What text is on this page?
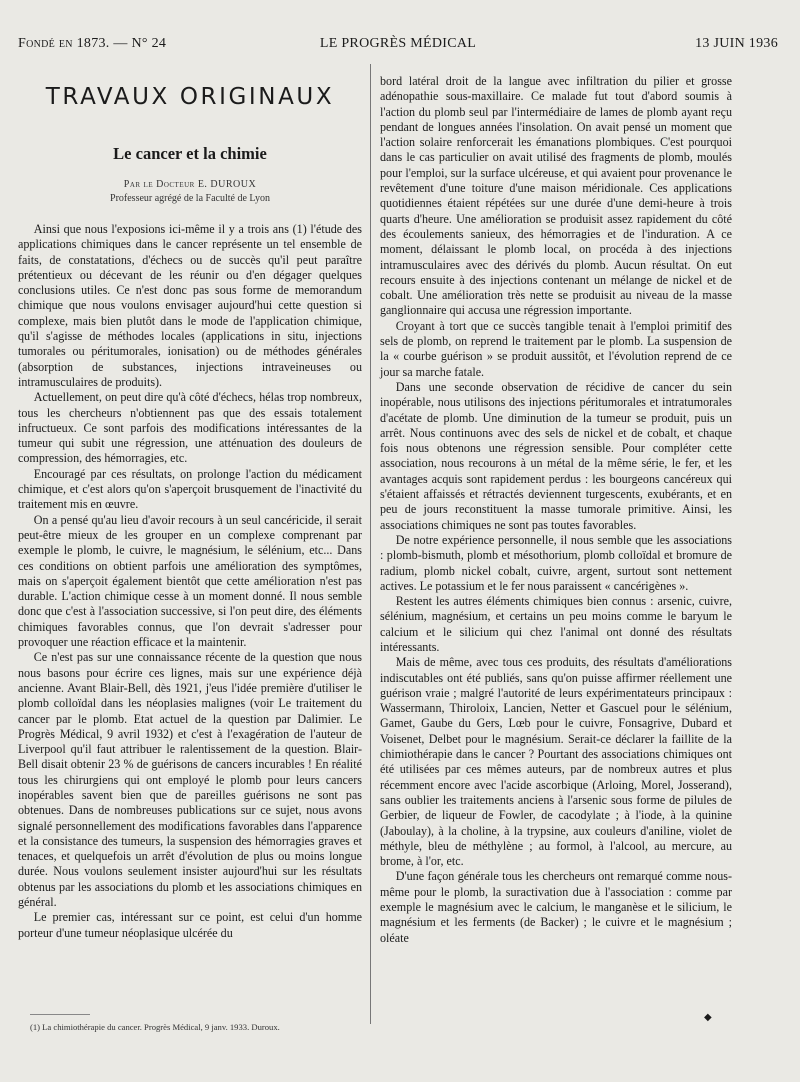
Fondé en 1873. — N° 24	LE PROGRÈS MÉDICAL	13 JUIN 1936
TRAVAUX ORIGINAUX
Le cancer et la chimie
Par le Docteur E. DUROUX
Professeur agrégé de la Faculté de Lyon

Ainsi que nous l'exposions ici-même il y a trois ans (1) l'étude des applications chimiques dans le cancer représente un tel ensemble de faits, de constatations, d'échecs ou de succès qu'il peut paraître prétentieux ou décevant de les réunir ou d'en dégager quelques conclusions utiles. Ce n'est donc pas sous forme de memorandum chimique que nous voulons envisager aujourd'hui cette question si complexe, mais bien plutôt dans le mode de l'application chimique, qu'il s'agisse de méthodes locales (applications in situ, injections tumorales ou péritumorales, ionisation) ou de méthodes générales (absorption de substances, injections intraveineuses ou intramusculaires de produits).

Actuellement, on peut dire qu'à côté d'échecs, hélas trop nombreux, tous les chercheurs n'obtiennent pas que des essais totalement infructueux. Ce sont parfois des modifications intéressantes de la tumeur qui subit une régression, une atténuation des douleurs de compression, des hémorragies, etc.

Encouragé par ces résultats, on prolonge l'action du médicament chimique, et c'est alors qu'on s'aperçoit brusquement de l'inactivité du traitement mis en œuvre.

On a pensé qu'au lieu d'avoir recours à un seul cancéricide, il serait peut-être mieux de les grouper en un complexe comprenant par exemple le plomb, le cuivre, le magnésium, le sélénium, etc... Dans ces conditions on obtient parfois une amélioration des symptômes, mais on s'aperçoit également bientôt que cette amélioration n'est pas durable. L'action chimique cesse à un moment donné. Il nous semble donc que c'est à l'association successive, si l'on peut dire, des éléments chimiques favorables connus, que l'on devrait s'adresser pour provoquer une réaction efficace et la maintenir.

Ce n'est pas sur une connaissance récente de la question que nous nous basons pour écrire ces lignes, mais sur une expérience déjà ancienne. Avant Blair-Bell, dès 1921, j'eus l'idée première d'utiliser le plomb colloïdal dans les néoplasies malignes (voir Le traitement du cancer par le plomb. Etat actuel de la question par Dalimier. Le Progrès Médical, 9 avril 1932) et c'est à l'exagération de l'auteur de Liverpool qu'il faut attribuer le ralentissement de la question. Blair-Bell disait obtenir 23 % de guérisons de cancers incurables ! En réalité tous les chirurgiens qui ont employé le plomb pour leurs cancers inopérables savent bien que de pareilles guérisons ne sont pas obtenues. Dans de nombreuses publications sur ce sujet, nous avons signalé personnellement des modifications favorables dans l'apparence et la consistance des tumeurs, la suspension des hémorragies graves et tenaces, et quelquefois un arrêt d'évolution de plus ou moins longue durée. Nous voulons seulement insister aujourd'hui sur les résultats obtenus par les associations du plomb et les associations chimiques en général.

Le premier cas, intéressant sur ce point, est celui d'un homme porteur d'une tumeur néoplasique ulcérée du

bord latéral droit de la langue avec infiltration du pilier et grosse adénopathie sous-maxillaire. Ce malade fut tout d'abord soumis à l'action du plomb seul par l'intermédiaire de lames de plomb ayant reçu pendant de longues années l'insolation. On avait pensé un moment que l'action solaire renforcerait les émanations plombiques. C'est pourquoi dans le cas particulier on avait utilisé des fragments de plomb, moulés pour l'emploi, sur la surface ulcéreuse, et qui avaient pour provenance le revêtement d'une toiture d'une maison méridionale. Ces applications quotidiennes étaient répétées sur une durée d'une demi-heure à trois quarts d'heure. Une amélioration se produisit assez rapidement du côté des écoulements sanieux, des hémorragies et de l'induration. A ce moment, délaissant le plomb local, on procéda à des injections intramusculaires avec des dérivés du plomb. Aucun résultat. On eut recours ensuite à des injections contenant un mélange de nickel et de cobalt. Une amélioration très nette se produisit au niveau de la masse ganglionnaire qui accusa une régression importante.

Croyant à tort que ce succès tangible tenait à l'emploi primitif des sels de plomb, on reprend le traitement par le plomb. La suspension de la « courbe guérison » se produit aussitôt, et l'évolution reprend de ce jour sa marche fatale.

Dans une seconde observation de récidive de cancer du sein inopérable, nous utilisons des injections péritumorales et intratumorales d'acétate de plomb. Une diminution de la tumeur se produit, puis un arrêt. Nous continuons avec des sels de nickel et de cobalt, et chaque fois nous obtenons une régression sensible. Pour compléter cette association, nous recourons à un métal de la même série, le fer, et les avantages acquis sont rapidement perdus : les bourgeons cancéreux qui s'étaient affaissés et rétractés deviennent turgescents, exubérants, et en peu de jours reconstituent la masse tumorale primitive. Ainsi, les associations chimiques ne sont pas toutes favorables.

De notre expérience personnelle, il nous semble que les associations : plomb-bismuth, plomb et mésothorium, plomb colloïdal et bromure de radium, plomb nickel cobalt, cuivre, argent, surtout sont nettement actives. Le potassium et le fer nous paraissent « cancérigènes ».

Restent les autres éléments chimiques bien connus : arsenic, cuivre, sélénium, magnésium, et certains un peu moins comme le baryum le calcium et le silicium qui chez l'animal ont donné des résultats intéressants.

Mais de même, avec tous ces produits, des résultats d'améliorations indiscutables ont été publiés, sans qu'on puisse affirmer réellement une guérison vraie ; malgré l'autorité de leurs expérimentateurs principaux : Wassermann, Thiroloix, Lancien, Netter et Gascuel pour le sélénium, Gamet, Gaube du Gers, Lœb pour le cuivre, Fonsagrive, Dubard et Voisenet, Delbet pour le magnésium. Serait-ce déclarer la faillite de la chimiothérapie dans le cancer ? Pourtant des associations chimiques ont été utilisées par ces mêmes auteurs, par de nombreux autres et plus récemment encore avec l'acide ascorbique (Arloing, Morel, Josserand), sans oublier les traitements anciens à l'arsenic sous forme de pilules de Gerbier, de liqueur de Fowler, de cacodylate ; à l'iode, à la quinine (Jaboulay), à la choline, à la trypsine, aux couleurs d'aniline, violet de méthyle, bleu de méthylène ; au formol, à l'alcool, au mercure, au brome, à l'or, etc.

D'une façon générale tous les chercheurs ont remarqué comme nous-même pour le plomb, la suractivation due à l'association : comme par exemple le magnésium avec le calcium, le manganèse et le silicium, le magnésium et les ferments (de Backer) ; le cuivre et le magnésium ; oléate

(1) La chimiothérapie du cancer. Progrès Médical, 9 janv. 1933. Duroux.
◆
